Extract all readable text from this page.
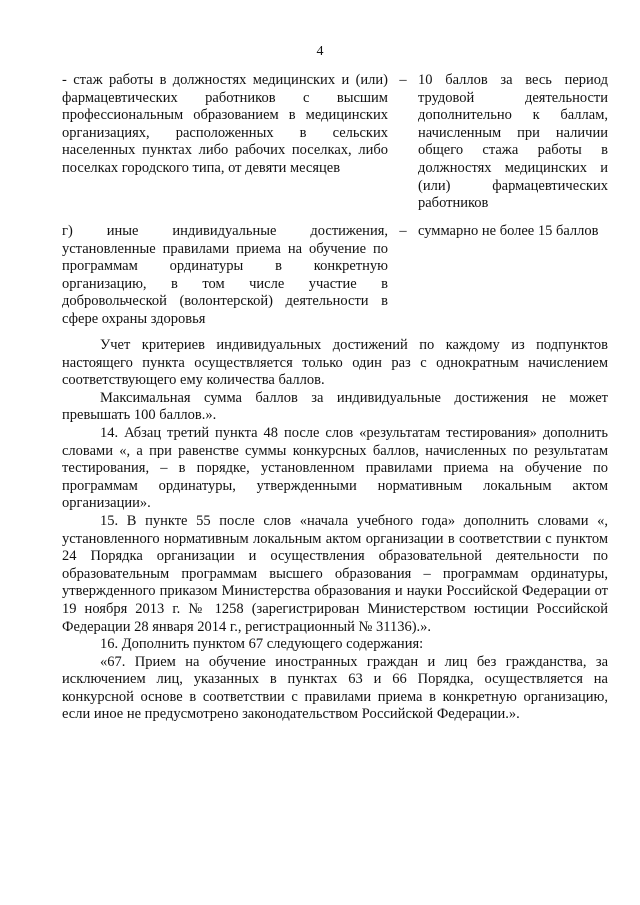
4
- стаж работы в должностях медицинских и (или) фармацевтических работников с высшим профессиональным образованием в медицинских организациях, расположенных в сельских населенных пунктах либо рабочих поселках, либо поселках городского типа, от девяти месяцев
– 10 баллов за весь период трудовой деятельности дополнительно к баллам, начисленным при наличии общего стажа работы в должностях медицинских и (или) фармацевтических работников
г) иные индивидуальные достижения, установленные правилами приема на обучение по программам ординатуры в конкретную организацию, в том числе участие в добровольческой (волонтерской) деятельности в сфере охраны здоровья
– суммарно не более 15 баллов

Учет критериев индивидуальных достижений по каждому из подпунктов настоящего пункта осуществляется только один раз с однократным начислением соответствующего ему количества баллов.

Максимальная сумма баллов за индивидуальные достижения не может превышать 100 баллов.».

14. Абзац третий пункта 48 после слов «результатам тестирования» дополнить словами «, а при равенстве суммы конкурсных баллов, начисленных по результатам тестирования, – в порядке, установленном правилами приема на обучение по программам ординатуры, утвержденными нормативным локальным актом организации».

15. В пункте 55 после слов «начала учебного года» дополнить словами «, установленного нормативным локальным актом организации в соответствии с пунктом 24 Порядка организации и осуществления образовательной деятельности по образовательным программам высшего образования – программам ординатуры, утвержденного приказом Министерства образования и науки Российской Федерации от 19 ноября 2013 г. № 1258 (зарегистрирован Министерством юстиции Российской Федерации 28 января 2014 г., регистрационный № 31136).».

16. Дополнить пунктом 67 следующего содержания:

«67. Прием на обучение иностранных граждан и лиц без гражданства, за исключением лиц, указанных в пунктах 63 и 66 Порядка, осуществляется на конкурсной основе в соответствии с правилами приема в конкретную организацию, если иное не предусмотрено законодательством Российской Федерации.».
